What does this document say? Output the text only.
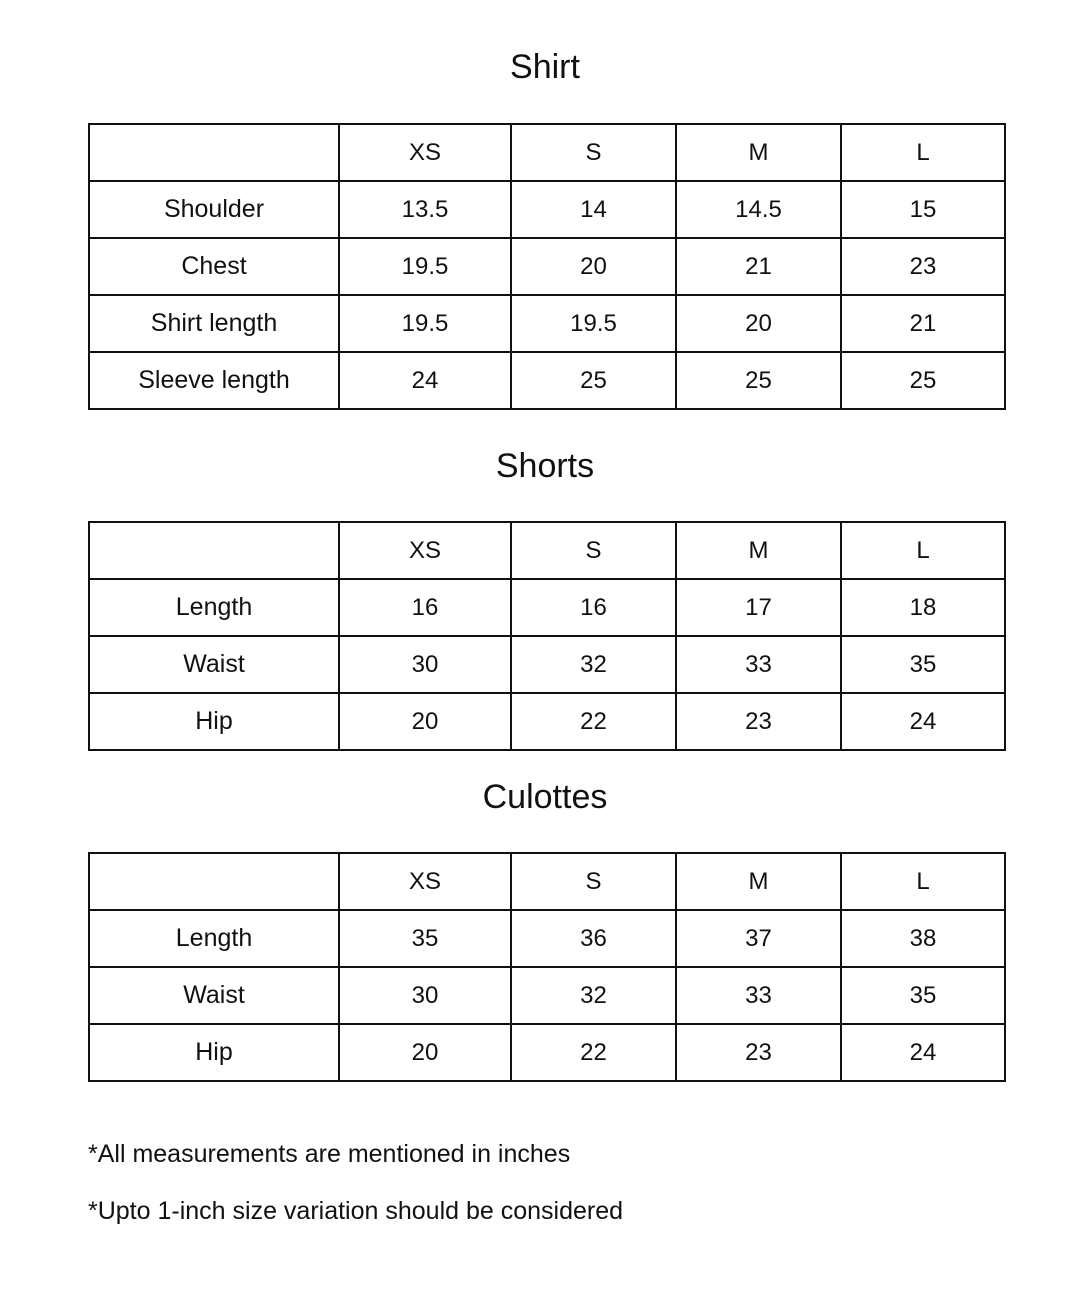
Shirt
	XS	S	M	L
Shoulder	13.5	14	14.5	15
Chest	19.5	20	21	23
Shirt length	19.5	19.5	20	21
Sleeve length	24	25	25	25
Shorts
	XS	S	M	L
Length	16	16	17	18
Waist	30	32	33	35
Hip	20	22	23	24
Culottes
	XS	S	M	L
Length	35	36	37	38
Waist	30	32	33	35
Hip	20	22	23	24

*All measurements are mentioned in inches

*Upto 1-inch size variation should be considered
